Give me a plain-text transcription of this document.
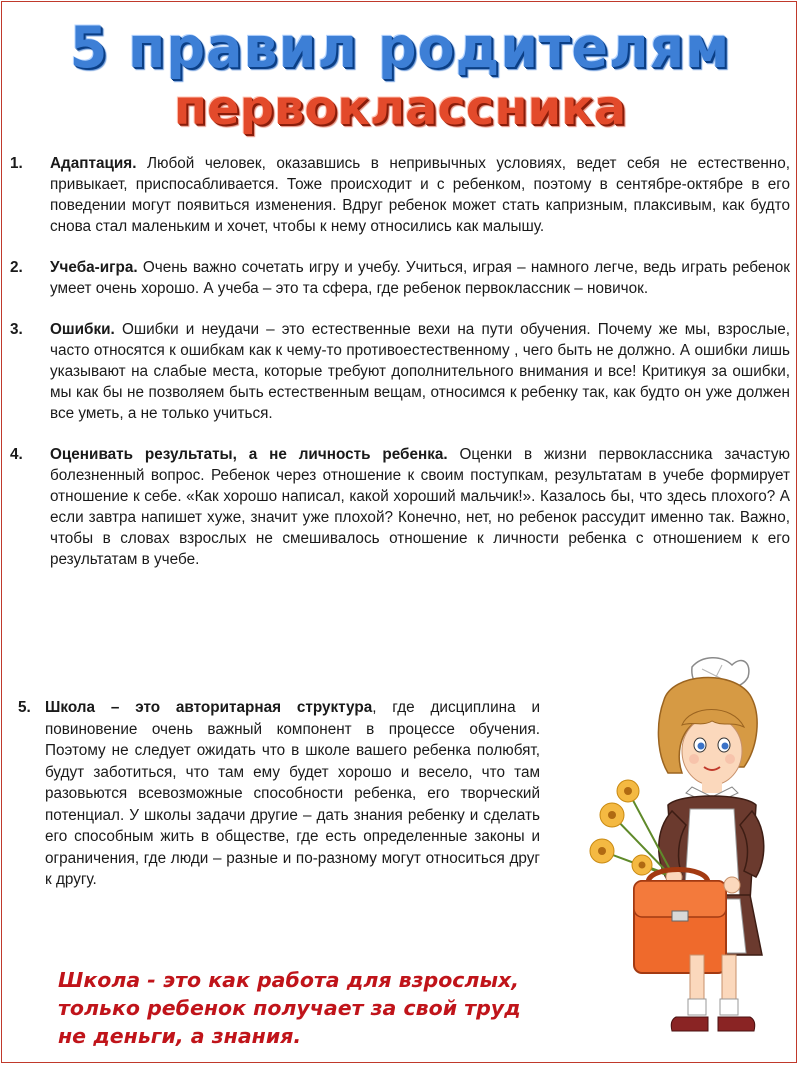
5 правил родителям
первоклассника
1. Адаптация. Любой человек, оказавшись в непривычных условиях, ведет себя не естественно, привыкает, приспосабливается. Тоже происходит и с ребенком, поэтому в сентябре-октябре в его поведении могут появиться изменения. Вдруг ребенок может стать капризным, плаксивым, как будто снова стал маленьким и хочет, чтобы к нему относились как малышу.
2. Учеба-игра. Очень важно сочетать игру и учебу. Учиться, играя – намного легче, ведь играть ребенок умеет очень хорошо. А учеба – это та сфера, где ребенок первоклассник – новичок.
3. Ошибки. Ошибки и неудачи – это естественные вехи на пути обучения. Почему же мы, взрослые, часто относятся к ошибкам как к чему-то противоестественному , чего быть не должно. А ошибки лишь указывают на слабые места, которые требуют дополнительного внимания и все! Критикуя за ошибки, мы как бы не позволяем быть естественным вещам, относимся к ребенку так, как будто он уже должен все уметь, а не только учиться.
4. Оценивать результаты, а не личность ребенка. Оценки в жизни первоклассника зачастую болезненный вопрос. Ребенок через отношение к своим поступкам, результатам в учебе формирует отношение к себе. «Как хорошо написал, какой хороший мальчик!». Казалось бы, что здесь плохого? А если завтра напишет хуже, значит уже плохой? Конечно, нет, но ребенок рассудит именно так. Важно, чтобы в словах взрослых не смешивалось отношение к личности ребенка с отношением к его результатам в учебе.
5. Школа – это авторитарная структура, где дисциплина и повиновение очень важный компонент в процессе обучения. Поэтому не следует ожидать что в школе вашего ребенка полюбят, будут заботиться, что там ему будет хорошо и весело, что там разовьются всевозможные способности ребенка, его творческий потенциал. У школы задачи другие – дать знания ребенку и сделать его способным жить в обществе, где есть определенные законы и ограничения, где люди – разные и по-разному могут относиться друг к другу.
Школа - это как работа для взрослых,
только ребенок получает за свой труд
не деньги, а знания.
